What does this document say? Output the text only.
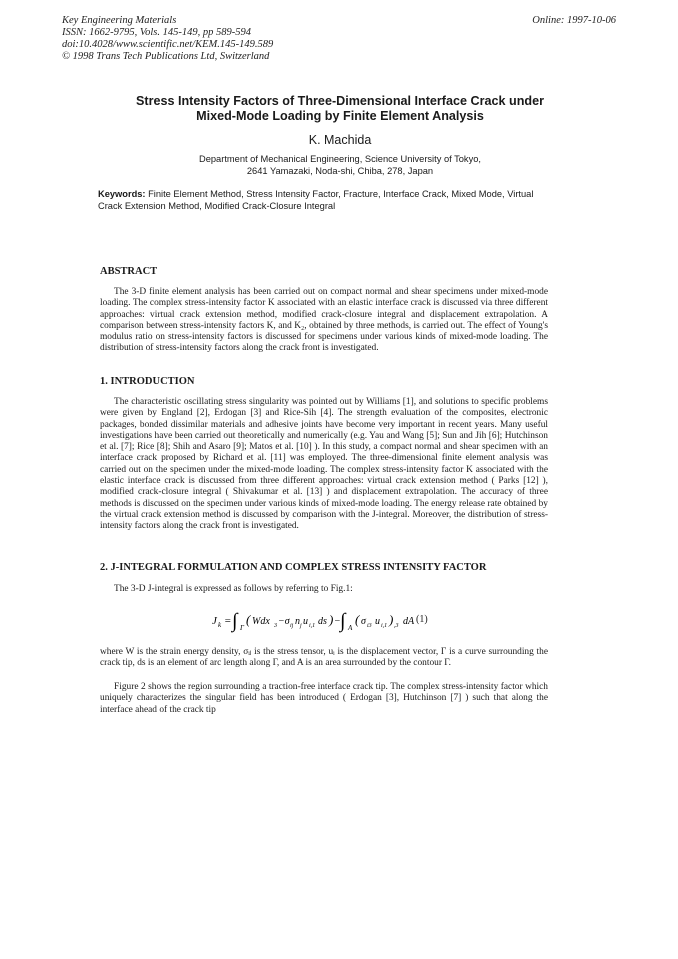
Key Engineering Materials
ISSN: 1662-9795, Vols. 145-149, pp 589-594
doi:10.4028/www.scientific.net/KEM.145-149.589
© 1998 Trans Tech Publications Ltd, Switzerland
Online: 1997-10-06
Stress Intensity Factors of Three-Dimensional Interface Crack under
Mixed-Mode Loading by Finite Element Analysis
K. Machida
Department of Mechanical Engineering, Science University of Tokyo,
2641 Yamazaki, Noda-shi, Chiba, 278, Japan
Keywords: Finite Element Method, Stress Intensity Factor, Fracture, Interface Crack, Mixed Mode, Virtual Crack Extension Method, Modified Crack-Closure Integral
ABSTRACT
The 3-D finite element analysis has been carried out on compact normal and shear specimens under mixed-mode loading. The complex stress-intensity factor K associated with an elastic interface crack is discussed via three different approaches: virtual crack extension method, modified crack-closure integral and displacement extrapolation. A comparison between stress-intensity factors K, and K₂, obtained by three methods, is carried out. The effect of Young's modulus ratio on stress-intensity factors is discussed for specimens under various kinds of mixed-mode loading. The distribution of stress-intensity factors along the crack front is investigated.
1. INTRODUCTION
The characteristic oscillating stress singularity was pointed out by Williams [1], and solutions to specific problems were given by England [2], Erdogan [3] and Rice-Sih [4]. The strength evaluation of the composites, electronic packages, bonded dissimilar materials and adhesive joints have become very important in recent years. Many useful investigations have been carried out theoretically and numerically (e.g. Yau and Wang [5]; Sun and Jih [6]; Hutchinson et al. [7]; Rice [8]; Shih and Asaro [9]; Matos et al. [10] ). In this study, a compact normal and shear specimen with an interface crack proposed by Richard et al. [11] was employed. The three-dimensional finite element analysis was carried out on the specimen under the mixed-mode loading. The complex stress-intensity factor K associated with the elastic interface crack is discussed from three different approaches: virtual crack extension method ( Parks [12] ), modified crack-closure integral ( Shivakumar et al. [13] ) and displacement extrapolation. The accuracy of three methods is discussed on the specimen under various kinds of mixed-mode loading. The energy release rate obtained by the virtual crack extension method is discussed by comparison with the J-integral. Moreover, the distribution of stress-intensity factors along the crack front is investigated.
2. J-INTEGRAL FORMULATION AND COMPLEX STRESS INTENSITY FACTOR
The 3-D J-integral is expressed as follows by referring to Fig.1:
J k = ∫ Γ
( Wdx 3 −σ ij n j u i,1 ds ) − ∫ A
( σ i3 u i,1 ) ,3 dA (1)
where W is the strain energy density, σᵢⱼ is the stress tensor, uᵢ is the displacement vector, Γ is a curve surrounding the crack tip, ds is an element of arc length along Γ, and A is an area surrounded by the contour Γ.
Figure 2 shows the region surrounding a traction-free interface crack tip. The complex stress-intensity factor which uniquely characterizes the singular field has been introduced ( Erdogan [3], Hutchinson [7] ) such that along the interface ahead of the crack tip
